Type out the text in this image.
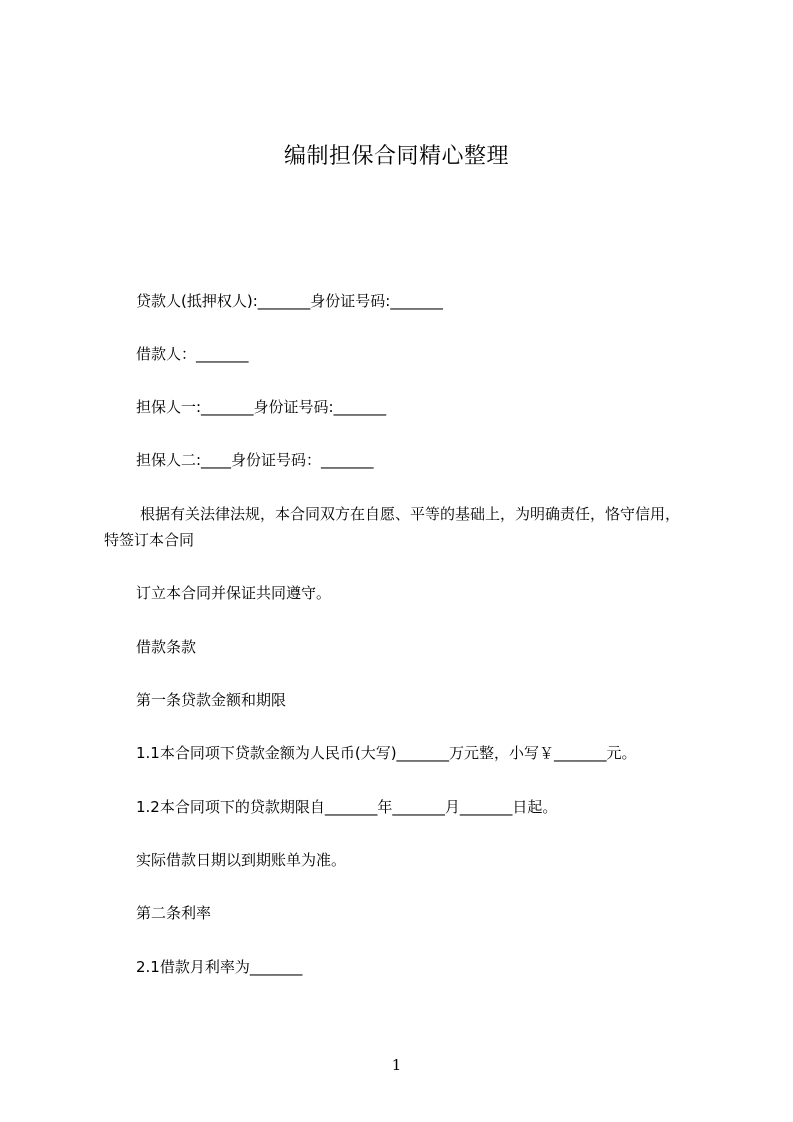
编制担保合同精心整理
贷款人(抵押权人):_______身份证号码:_______
借款人：_______
担保人一:_______身份证号码:_______
担保人二:____身份证号码：_______
根据有关法律法规，本合同双方在自愿、平等的基础上，为明确责任，恪守信用，
特签订本合同
订立本合同并保证共同遵守。
借款条款
第一条贷款金额和期限
1.1本合同项下贷款金额为人民币(大写)_______万元整，小写￥_______元。
1.2本合同项下的贷款期限自_______年_______月_______日起。
实际借款日期以到期账单为准。
第二条利率
2.1借款月利率为_______
1
